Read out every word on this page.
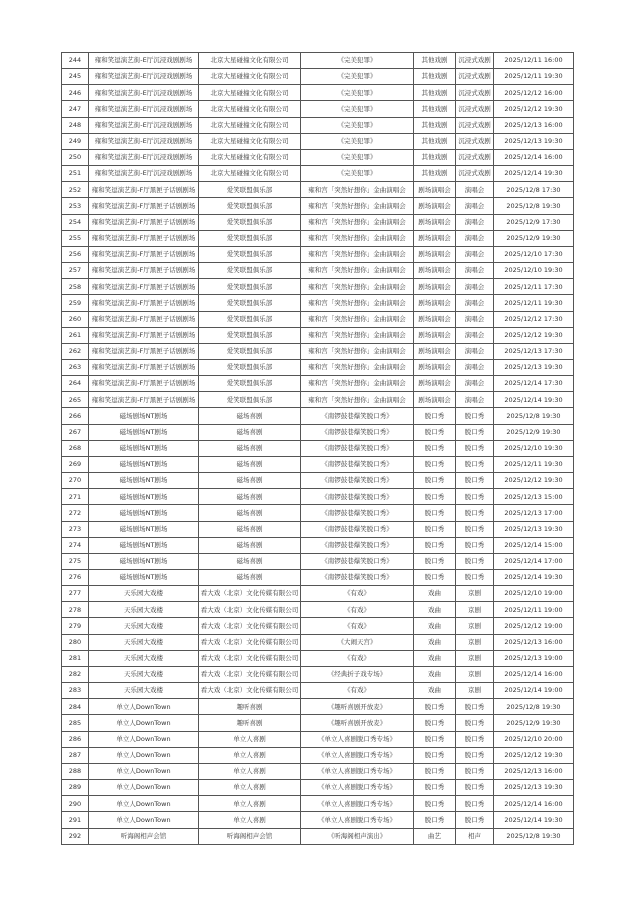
244	雍和笑逗演艺街-E厅沉浸戏剧剧场	北京大星碰撞文化有限公司	《完美犯罪》	其他戏剧	沉浸式戏剧	2025/12/11 16:00
245	雍和笑逗演艺街-E厅沉浸戏剧剧场	北京大星碰撞文化有限公司	《完美犯罪》	其他戏剧	沉浸式戏剧	2025/12/11 19:30
246	雍和笑逗演艺街-E厅沉浸戏剧剧场	北京大星碰撞文化有限公司	《完美犯罪》	其他戏剧	沉浸式戏剧	2025/12/12 16:00
247	雍和笑逗演艺街-E厅沉浸戏剧剧场	北京大星碰撞文化有限公司	《完美犯罪》	其他戏剧	沉浸式戏剧	2025/12/12 19:30
248	雍和笑逗演艺街-E厅沉浸戏剧剧场	北京大星碰撞文化有限公司	《完美犯罪》	其他戏剧	沉浸式戏剧	2025/12/13 16:00
249	雍和笑逗演艺街-E厅沉浸戏剧剧场	北京大星碰撞文化有限公司	《完美犯罪》	其他戏剧	沉浸式戏剧	2025/12/13 19:30
250	雍和笑逗演艺街-E厅沉浸戏剧剧场	北京大星碰撞文化有限公司	《完美犯罪》	其他戏剧	沉浸式戏剧	2025/12/14 16:00
251	雍和笑逗演艺街-E厅沉浸戏剧剧场	北京大星碰撞文化有限公司	《完美犯罪》	其他戏剧	沉浸式戏剧	2025/12/14 19:30
252	雍和笑逗演艺街-F厅黑匣子话剧剧场	爱笑联盟俱乐部	雍和宫「突然好想你」金曲演唱会	剧场演唱会	演唱会	2025/12/8 17:30
253	雍和笑逗演艺街-F厅黑匣子话剧剧场	爱笑联盟俱乐部	雍和宫「突然好想你」金曲演唱会	剧场演唱会	演唱会	2025/12/8 19:30
254	雍和笑逗演艺街-F厅黑匣子话剧剧场	爱笑联盟俱乐部	雍和宫「突然好想你」金曲演唱会	剧场演唱会	演唱会	2025/12/9 17:30
255	雍和笑逗演艺街-F厅黑匣子话剧剧场	爱笑联盟俱乐部	雍和宫「突然好想你」金曲演唱会	剧场演唱会	演唱会	2025/12/9 19:30
256	雍和笑逗演艺街-F厅黑匣子话剧剧场	爱笑联盟俱乐部	雍和宫「突然好想你」金曲演唱会	剧场演唱会	演唱会	2025/12/10 17:30
257	雍和笑逗演艺街-F厅黑匣子话剧剧场	爱笑联盟俱乐部	雍和宫「突然好想你」金曲演唱会	剧场演唱会	演唱会	2025/12/10 19:30
258	雍和笑逗演艺街-F厅黑匣子话剧剧场	爱笑联盟俱乐部	雍和宫「突然好想你」金曲演唱会	剧场演唱会	演唱会	2025/12/11 17:30
259	雍和笑逗演艺街-F厅黑匣子话剧剧场	爱笑联盟俱乐部	雍和宫「突然好想你」金曲演唱会	剧场演唱会	演唱会	2025/12/11 19:30
260	雍和笑逗演艺街-F厅黑匣子话剧剧场	爱笑联盟俱乐部	雍和宫「突然好想你」金曲演唱会	剧场演唱会	演唱会	2025/12/12 17:30
261	雍和笑逗演艺街-F厅黑匣子话剧剧场	爱笑联盟俱乐部	雍和宫「突然好想你」金曲演唱会	剧场演唱会	演唱会	2025/12/12 19:30
262	雍和笑逗演艺街-F厅黑匣子话剧剧场	爱笑联盟俱乐部	雍和宫「突然好想你」金曲演唱会	剧场演唱会	演唱会	2025/12/13 17:30
263	雍和笑逗演艺街-F厅黑匣子话剧剧场	爱笑联盟俱乐部	雍和宫「突然好想你」金曲演唱会	剧场演唱会	演唱会	2025/12/13 19:30
264	雍和笑逗演艺街-F厅黑匣子话剧剧场	爱笑联盟俱乐部	雍和宫「突然好想你」金曲演唱会	剧场演唱会	演唱会	2025/12/14 17:30
265	雍和笑逗演艺街-F厅黑匣子话剧剧场	爱笑联盟俱乐部	雍和宫「突然好想你」金曲演唱会	剧场演唱会	演唱会	2025/12/14 19:30
266	磁场剧场NT剧场	磁场喜剧	《南锣鼓巷爆笑脱口秀》	脱口秀	脱口秀	2025/12/8 19:30
267	磁场剧场NT剧场	磁场喜剧	《南锣鼓巷爆笑脱口秀》	脱口秀	脱口秀	2025/12/9 19:30
268	磁场剧场NT剧场	磁场喜剧	《南锣鼓巷爆笑脱口秀》	脱口秀	脱口秀	2025/12/10 19:30
269	磁场剧场NT剧场	磁场喜剧	《南锣鼓巷爆笑脱口秀》	脱口秀	脱口秀	2025/12/11 19:30
270	磁场剧场NT剧场	磁场喜剧	《南锣鼓巷爆笑脱口秀》	脱口秀	脱口秀	2025/12/12 19:30
271	磁场剧场NT剧场	磁场喜剧	《南锣鼓巷爆笑脱口秀》	脱口秀	脱口秀	2025/12/13 15:00
272	磁场剧场NT剧场	磁场喜剧	《南锣鼓巷爆笑脱口秀》	脱口秀	脱口秀	2025/12/13 17:00
273	磁场剧场NT剧场	磁场喜剧	《南锣鼓巷爆笑脱口秀》	脱口秀	脱口秀	2025/12/13 19:30
274	磁场剧场NT剧场	磁场喜剧	《南锣鼓巷爆笑脱口秀》	脱口秀	脱口秀	2025/12/14 15:00
275	磁场剧场NT剧场	磁场喜剧	《南锣鼓巷爆笑脱口秀》	脱口秀	脱口秀	2025/12/14 17:00
276	磁场剧场NT剧场	磁场喜剧	《南锣鼓巷爆笑脱口秀》	脱口秀	脱口秀	2025/12/14 19:30
277	天乐园大戏楼	看大戏（北京）文化传媒有限公司	《有戏》	戏曲	京剧	2025/12/10 19:00
278	天乐园大戏楼	看大戏（北京）文化传媒有限公司	《有戏》	戏曲	京剧	2025/12/11 19:00
279	天乐园大戏楼	看大戏（北京）文化传媒有限公司	《有戏》	戏曲	京剧	2025/12/12 19:00
280	天乐园大戏楼	看大戏（北京）文化传媒有限公司	《大闹天宫》	戏曲	京剧	2025/12/13 16:00
281	天乐园大戏楼	看大戏（北京）文化传媒有限公司	《有戏》	戏曲	京剧	2025/12/13 19:00
282	天乐园大戏楼	看大戏（北京）文化传媒有限公司	《经典折子戏专场》	戏曲	京剧	2025/12/14 16:00
283	天乐园大戏楼	看大戏（北京）文化传媒有限公司	《有戏》	戏曲	京剧	2025/12/14 19:00
284	单立人DownTown	趣听喜剧	《趣听喜剧开放麦》	脱口秀	脱口秀	2025/12/8 19:30
285	单立人DownTown	趣听喜剧	《趣听喜剧开放麦》	脱口秀	脱口秀	2025/12/9 19:30
286	单立人DownTown	单立人喜剧	《单立人喜剧脱口秀专场》	脱口秀	脱口秀	2025/12/10 20:00
287	单立人DownTown	单立人喜剧	《单立人喜剧脱口秀专场》	脱口秀	脱口秀	2025/12/12 19:30
288	单立人DownTown	单立人喜剧	《单立人喜剧脱口秀专场》	脱口秀	脱口秀	2025/12/13 16:00
289	单立人DownTown	单立人喜剧	《单立人喜剧脱口秀专场》	脱口秀	脱口秀	2025/12/13 19:30
290	单立人DownTown	单立人喜剧	《单立人喜剧脱口秀专场》	脱口秀	脱口秀	2025/12/14 16:00
291	单立人DownTown	单立人喜剧	《单立人喜剧脱口秀专场》	脱口秀	脱口秀	2025/12/14 19:30
292	听海阁相声会馆	听海阁相声会馆	《听海阁相声演出》	曲艺	相声	2025/12/8 19:30
